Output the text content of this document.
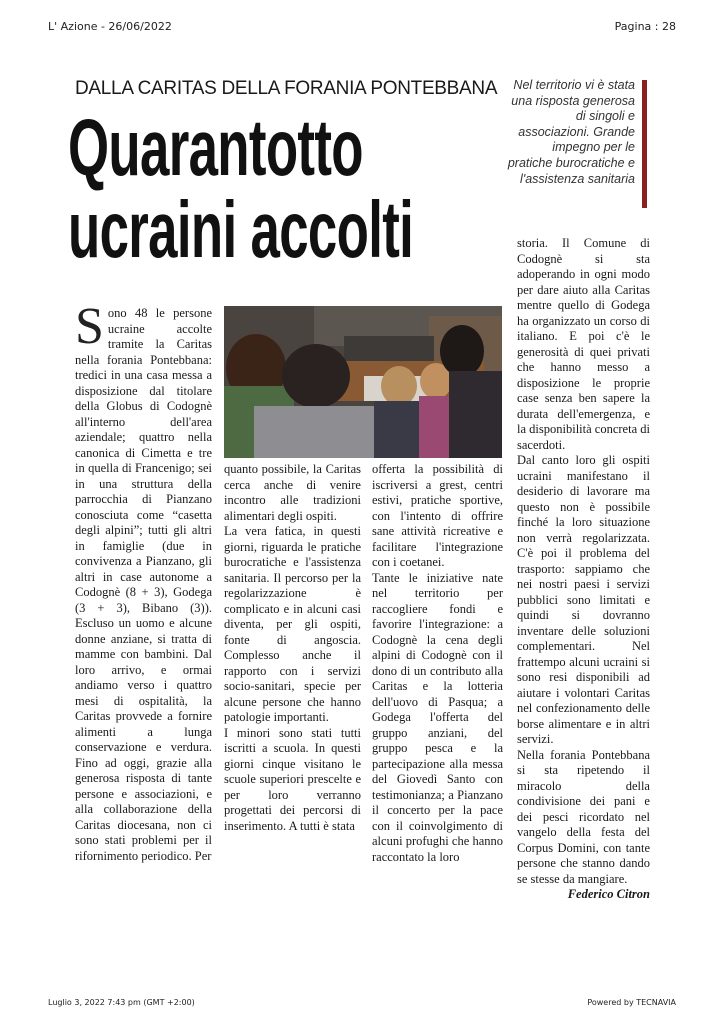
L' Azione - 26/06/2022	Pagina : 28
DALLA CARITAS DELLA FORANIA PONTEBBANA
Quarantotto
ucraini accolti
Nel territorio vi è stata una risposta generosa di singoli e associazioni. Grande impegno per le pratiche burocratiche e l'assistenza sanitaria

Sono 48 le persone ucraine accolte tramite la Caritas nella forania Pontebbana: tredici in una casa messa a disposizione dal titolare della Globus di Codognè all'interno dell'area aziendale; quattro nella canonica di Cimetta e tre in quella di Francenigo; sei in una struttura della parrocchia di Pianzano conosciuta come “casetta degli alpini”; tutti gli altri in famiglie (due in convivenza a Pianzano, gli altri in case autonome a Codognè (8 + 3), Godega (3 + 3), Bibano (3)). Escluso un uomo e alcune donne anziane, si tratta di mamme con bambini. Dal loro arrivo, e ormai andiamo verso i quattro mesi di ospitalità, la Caritas provvede a fornire alimenti a lunga conservazione e verdura. Fino ad oggi, grazie alla generosa risposta di tante persone e associazioni, e alla collaborazione della Caritas diocesana, non ci sono stati problemi per il rifornimento periodico. Per

quanto possibile, la Caritas cerca anche di venire incontro alle tradizioni alimentari degli ospiti.

La vera fatica, in questi giorni, riguarda le pratiche burocratiche e l'assistenza sanitaria. Il percorso per la regolarizzazione è complicato e in alcuni casi diventa, per gli ospiti, fonte di angoscia. Complesso anche il rapporto con i servizi socio-sanitari, specie per alcune persone che hanno patologie importanti.

I minori sono stati tutti iscritti a scuola. In questi giorni cinque visitano le scuole superiori prescelte e per loro verranno progettati dei percorsi di inserimento. A tutti è stata

offerta la possibilità di iscriversi a grest, centri estivi, pratiche sportive, con l'intento di offrire sane attività ricreative e facilitare l'integrazione con i coetanei.

Tante le iniziative nate nel territorio per raccogliere fondi e favorire l'integrazione: a Codognè la cena degli alpini di Codognè con il dono di un contributo alla Caritas e la lotteria dell'uovo di Pasqua; a Godega l'offerta del gruppo anziani, del gruppo pesca e la partecipazione alla messa del Giovedì Santo con testimonianza; a Pianzano il concerto per la pace con il coinvolgimento di alcuni profughi che hanno raccontato la loro

storia. Il Comune di Codognè si sta adoperando in ogni modo per dare aiuto alla Caritas mentre quello di Godega ha organizzato un corso di italiano. E poi c'è le generosità di quei privati che hanno messo a disposizione le proprie case senza ben sapere la durata dell'emergenza, e la disponibilità concreta di sacerdoti.

Dal canto loro gli ospiti ucraini manifestano il desiderio di lavorare ma questo non è possibile finché la loro situazione non verrà regolarizzata. C'è poi il problema del trasporto: sappiamo che nei nostri paesi i servizi pubblici sono limitati e quindi si dovranno inventare delle soluzioni complementari. Nel frattempo alcuni ucraini si sono resi disponibili ad aiutare i volontari Caritas nel confezionamento delle borse alimentare e in altri servizi.

Nella forania Pontebbana si sta ripetendo il miracolo della condivisione dei pani e dei pesci ricordato nel vangelo della festa del Corpus Domini, con tante persone che stanno dando se stesse da mangiare.

Federico Citron

Luglio 3, 2022 7:43 pm (GMT +2:00)	Powered by TECNAVIA
